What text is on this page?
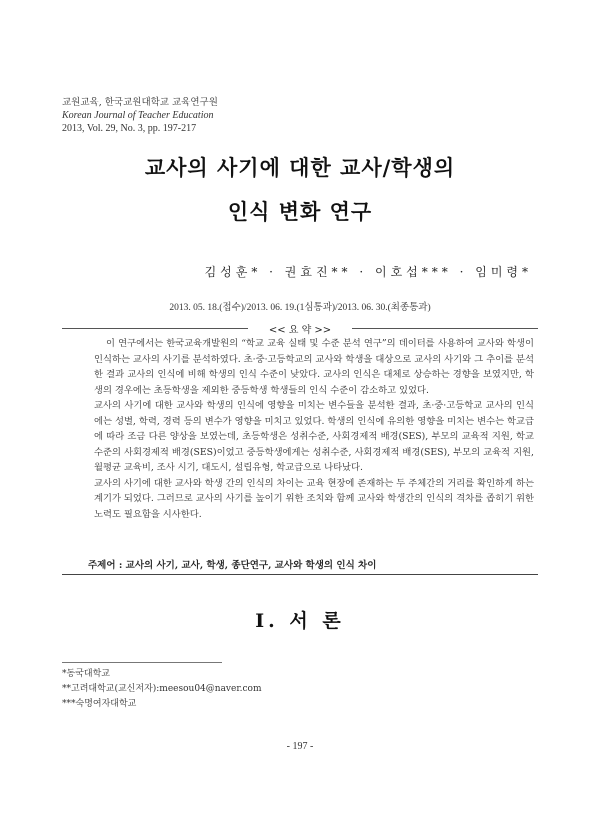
교원교육, 한국교원대학교 교육연구원
Korean Journal of Teacher Education
2013, Vol. 29, No. 3, pp. 197-217
교사의 사기에 대한 교사/학생의
인식 변화 연구
김성훈* · 권효진** · 이호섭*** · 임미령*
2013. 05. 18.(접수)/2013. 06. 19.(1심통과)/2013. 06. 30.(최종통과)
<< 요 약 >>

이 연구에서는 한국교육개발원의 “학교 교육 실태 및 수준 분석 연구”의 데이터를 사용하여 교사와 학생이 인식하는 교사의 사기를 분석하였다. 초·중·고등학교의 교사와 학생을 대상으로 교사의 사기와 그 추이를 분석한 결과 교사의 인식에 비해 학생의 인식 수준이 낮았다. 교사의 인식은 대체로 상승하는 경향을 보였지만, 학생의 경우에는 초등학생을 제외한 중등학생 학생들의 인식 수준이 감소하고 있었다.

교사의 사기에 대한 교사와 학생의 인식에 영향을 미치는 변수들을 분석한 결과, 초·중·고등학교 교사의 인식에는 성별, 학력, 경력 등의 변수가 영향을 미치고 있었다. 학생의 인식에 유의한 영향을 미치는 변수는 학교급에 따라 조금 다른 양상을 보였는데, 초등학생은 성취수준, 사회경제적 배경(SES), 부모의 교육적 지원, 학교수준의 사회경제적 배경(SES)이었고 중등학생에게는 성취수준, 사회경제적 배경(SES), 부모의 교육적 지원, 월평균 교육비, 조사 시기, 대도시, 설립유형, 학교급으로 나타났다.

교사의 사기에 대한 교사와 학생 간의 인식의 차이는 교육 현장에 존재하는 두 주체간의 거리를 확인하게 하는 계기가 되었다. 그러므로 교사의 사기를 높이기 위한 조치와 함께 교사와 학생간의 인식의 격차를 좁히기 위한 노력도 필요함을 시사한다.

주제어 : 교사의 사기, 교사, 학생, 종단연구, 교사와 학생의 인식 차이
Ⅰ. 서 론
*동국대학교
**고려대학교(교신저자):meesou04@naver.com
***숙명여자대학교
- 197 -
